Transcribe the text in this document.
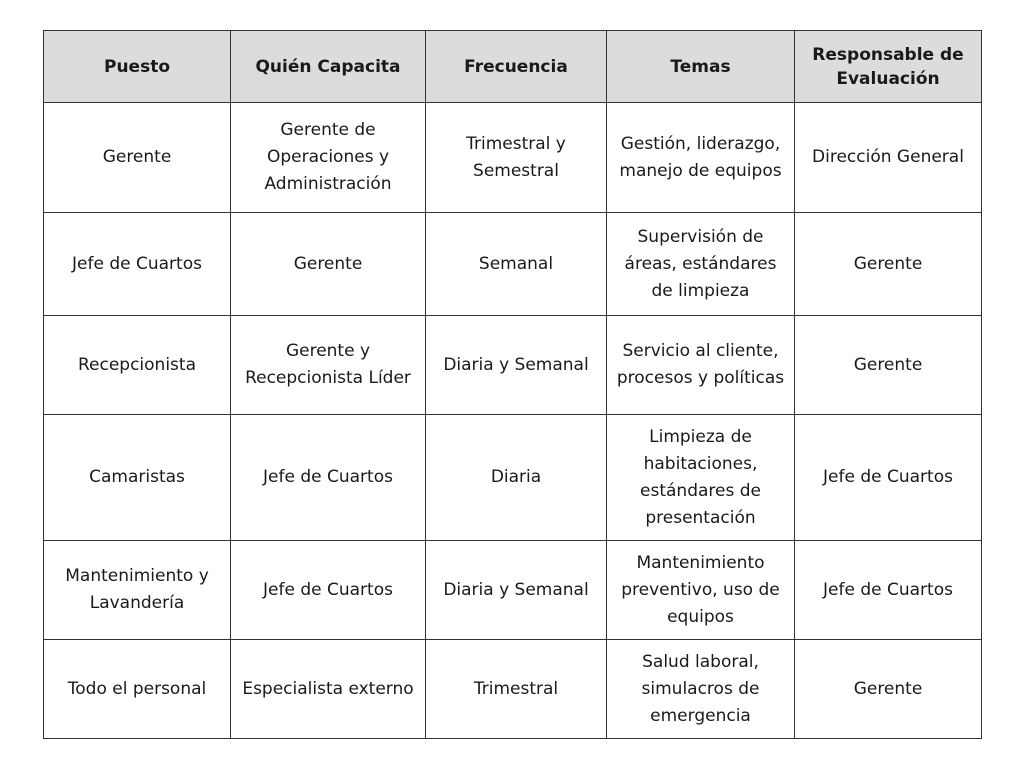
Puesto	Quién Capacita	Frecuencia	Temas	Responsable de Evaluación
Gerente	Gerente de Operaciones y Administración	Trimestral y Semestral	Gestión, liderazgo, manejo de equipos	Dirección General
Jefe de Cuartos	Gerente	Semanal	Supervisión de áreas, estándares de limpieza	Gerente
Recepcionista	Gerente y Recepcionista Líder	Diaria y Semanal	Servicio al cliente, procesos y políticas	Gerente
Camaristas	Jefe de Cuartos	Diaria	Limpieza de habitaciones, estándares de presentación	Jefe de Cuartos
Mantenimiento y Lavandería	Jefe de Cuartos	Diaria y Semanal	Mantenimiento preventivo, uso de equipos	Jefe de Cuartos
Todo el personal	Especialista externo	Trimestral	Salud laboral, simulacros de emergencia	Gerente
